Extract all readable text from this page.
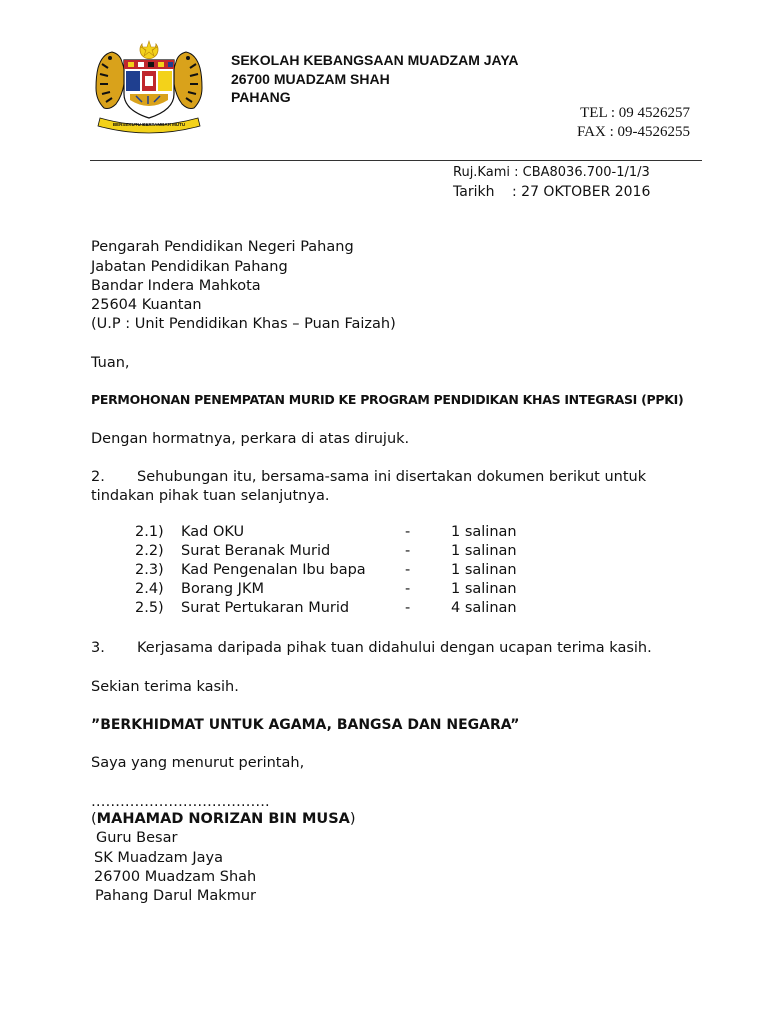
BERSEKUTU BERTAMBAH MUTU
SEKOLAH KEBANGSAAN MUADZAM JAYA
26700 MUADZAM SHAH
PAHANG
TEL : 09 4526257
FAX : 09-4526255
Ruj.Kami : CBA8036.700-1/1/3
Tarikh : 27 OKTOBER 2016
Pengarah Pendidikan Negeri Pahang
Jabatan Pendidikan Pahang
Bandar Indera Mahkota
25604 Kuantan
(U.P : Unit Pendidikan Khas – Puan Faizah)
Tuan,
PERMOHONAN PENEMPATAN MURID KE PROGRAM PENDIDIKAN KHAS INTEGRASI (PPKI)
Dengan hormatnya, perkara di atas dirujuk.
2. Sehubungan itu, bersama-sama ini disertakan dokumen berikut untuk
tindakan pihak tuan selanjutnya.
2.1)	Kad OKU	-	1 salinan
2.2)	Surat Beranak Murid	-	1 salinan
2.3)	Kad Pengenalan Ibu bapa	-	1 salinan
2.4)	Borang JKM	-	1 salinan
2.5)	Surat Pertukaran Murid	-	4 salinan
3. Kerjasama daripada pihak tuan didahului dengan ucapan terima kasih.
Sekian terima kasih.
”BERKHIDMAT UNTUK AGAMA, BANGSA DAN NEGARA”
Saya yang menurut perintah,
……………………………….
(MAHAMAD NORIZAN BIN MUSA)
Guru Besar
SK Muadzam Jaya
26700 Muadzam Shah
Pahang Darul Makmur
